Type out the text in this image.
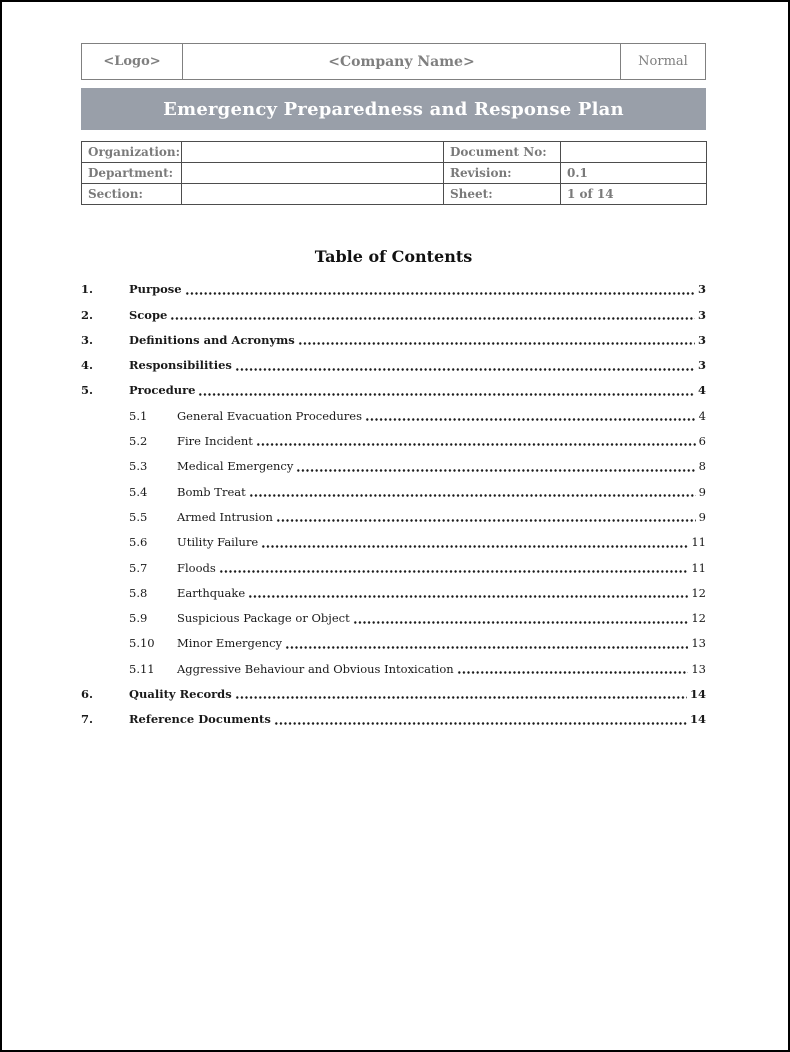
<Logo>	<Company Name>	Normal
Emergency Preparedness and Response Plan
Organization:		Document No:	
Department:		Revision:	0.1
Section:		Sheet:	1 of 14
Table of Contents
1.	Purpose	3
2.	Scope	3
3.	Definitions and Acronyms	3
4.	Responsibilities	3
5.	Procedure	4
5.1	General Evacuation Procedures	4
5.2	Fire Incident	6
5.3	Medical Emergency	8
5.4	Bomb Treat	9
5.5	Armed Intrusion	9
5.6	Utility Failure	11
5.7	Floods	11
5.8	Earthquake	12
5.9	Suspicious Package or Object	12
5.10	Minor Emergency	13
5.11	Aggressive Behaviour and Obvious Intoxication	13
6.	Quality Records	14
7.	Reference Documents	14
